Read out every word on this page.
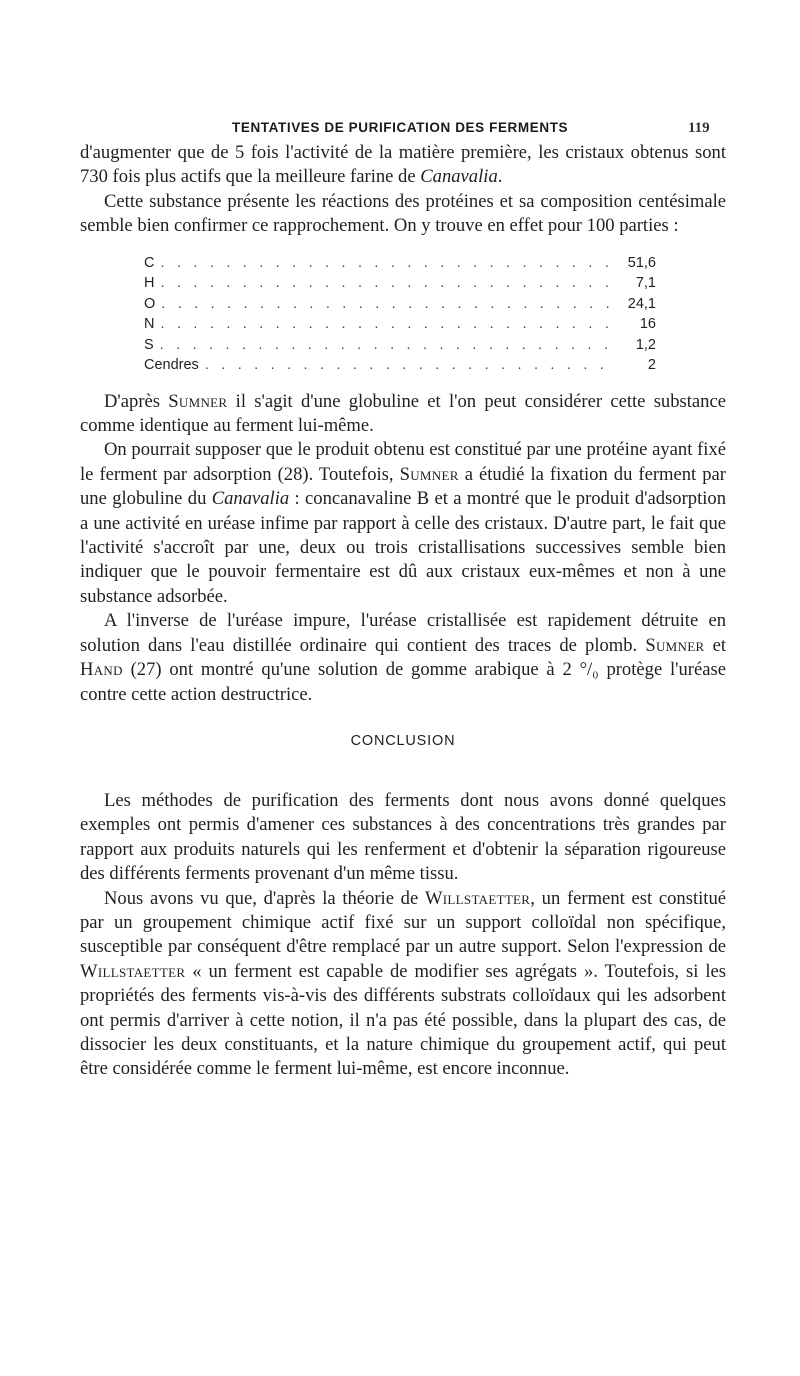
TENTATIVES DE PURIFICATION DES FERMENTS	119

d'augmenter que de 5 fois l'activité de la matière première, les cristaux obtenus sont 730 fois plus actifs que la meilleure farine de Canavalia.

Cette substance présente les réactions des protéines et sa composition centésimale semble bien confirmer ce rapprochement. On y trouve en effet pour 100 parties :

C . . .	51,6
H . . .	7,1
O . . .	24,1
N . . .	16
S . . .	1,2
Cendres . . .	2

D'après Sumner il s'agit d'une globuline et l'on peut considérer cette substance comme identique au ferment lui-même.

On pourrait supposer que le produit obtenu est constitué par une protéine ayant fixé le ferment par adsorption (28). Toutefois, Sumner a étudié la fixation du ferment par une globuline du Canavalia : concanavaline B et a montré que le produit d'adsorption a une activité en uréase infime par rapport à celle des cristaux. D'autre part, le fait que l'activité s'accroît par une, deux ou trois cristallisations successives semble bien indiquer que le pouvoir fermentaire est dû aux cristaux eux-mêmes et non à une substance adsorbée.

A l'inverse de l'uréase impure, l'uréase cristallisée est rapidement détruite en solution dans l'eau distillée ordinaire qui contient des traces de plomb. Sumner et Hand (27) ont montré qu'une solution de gomme arabique à 2 °/₀ protège l'uréase contre cette action destructrice.

CONCLUSION

Les méthodes de purification des ferments dont nous avons donné quelques exemples ont permis d'amener ces substances à des concentrations très grandes par rapport aux produits naturels qui les renferment et d'obtenir la séparation rigoureuse des différents ferments provenant d'un même tissu.

Nous avons vu que, d'après la théorie de Willstaetter, un ferment est constitué par un groupement chimique actif fixé sur un support colloïdal non spécifique, susceptible par conséquent d'être remplacé par un autre support. Selon l'expression de Willstaetter « un ferment est capable de modifier ses agrégats ». Toutefois, si les propriétés des ferments vis-à-vis des différents substrats colloïdaux qui les adsorbent ont permis d'arriver à cette notion, il n'a pas été possible, dans la plupart des cas, de dissocier les deux constituants, et la nature chimique du groupement actif, qui peut être considérée comme le ferment lui-même, est encore inconnue.
